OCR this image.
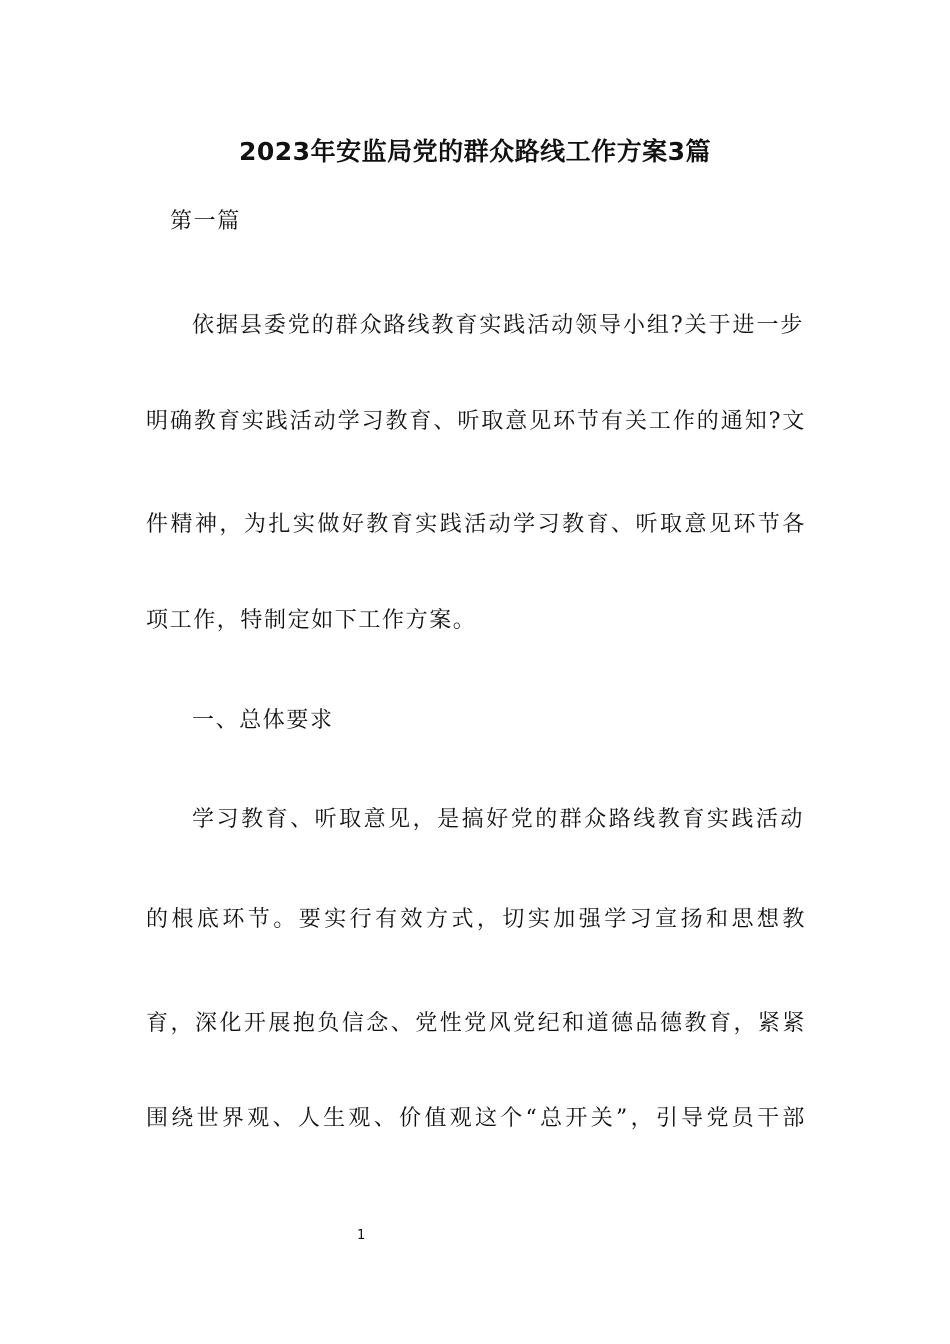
2023年安监局党的群众路线工作方案3篇
第一篇
依据县委党的群众路线教育实践活动领导小组?关于进一步
明确教育实践活动学习教育、听取意见环节有关工作的通知?文
件精神，为扎实做好教育实践活动学习教育、听取意见环节各
项工作，特制定如下工作方案。
一、总体要求
学习教育、听取意见，是搞好党的群众路线教育实践活动
的根底环节。要实行有效方式，切实加强学习宣扬和思想教
育，深化开展抱负信念、党性党风党纪和道德品德教育，紧紧
围绕世界观、人生观、价值观这个“总开关”，引导党员干部
1
